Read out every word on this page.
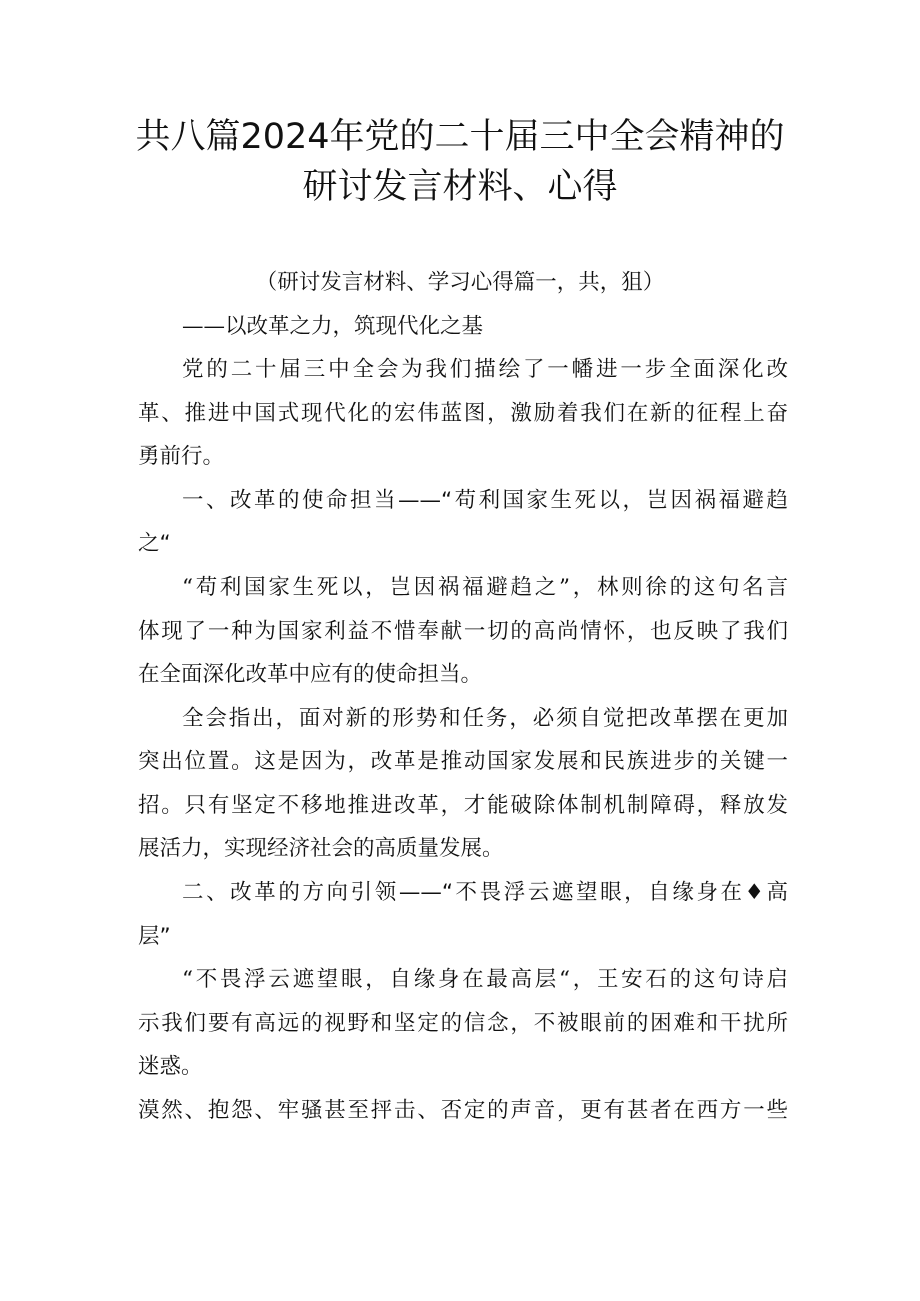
共八篇2024年党的二十届三中全会精神的
研讨发言材料、心得
（研讨发言材料、学习心得篇一，共，狙）
——以改革之力，筑现代化之基
党的二十届三中全会为我们描绘了一幡进一步全面深化改
革、推进中国式现代化的宏伟蓝图，激励着我们在新的征程上奋
勇前行。
一、改革的使命担当——“苟利国家生死以，岂因祸福避趋
之“
“苟利国家生死以，岂因祸福避趋之”，林则徐的这句名言
体现了一种为国家利益不惜奉献一切的高尚情怀，也反映了我们
在全面深化改革中应有的使命担当。
全会指出，面对新的形势和任务，必须自觉把改革摆在更加
突出位置。这是因为，改革是推动国家发展和民族进步的关键一
招。只有坚定不移地推进改革，才能破除体制机制障碍，释放发
展活力，实现经济社会的高质量发展。
二、改革的方向引领——“不畏浮云遮望眼，自缘身在♦高
层”
“不畏浮云遮望眼，自缘身在最高层“，王安石的这句诗启
示我们要有高远的视野和坚定的信念，不被眼前的困难和干扰所
迷惑。
漠然、抱怨、牢骚甚至抨击、否定的声音，更有甚者在西方一些
